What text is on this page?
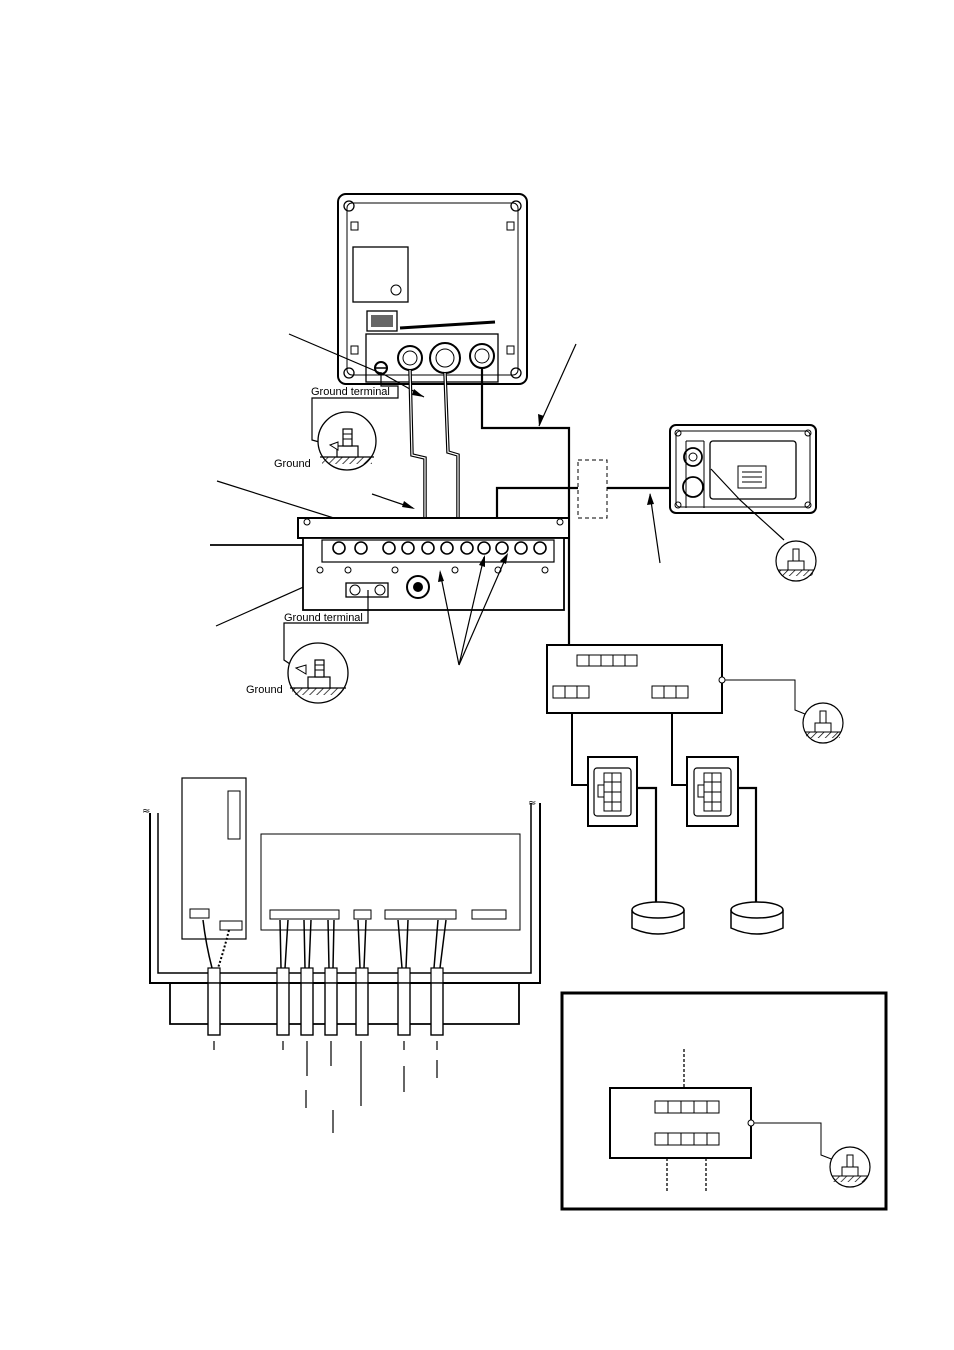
Ground terminal
Ground
Ground terminal
Ground
≈
≈
